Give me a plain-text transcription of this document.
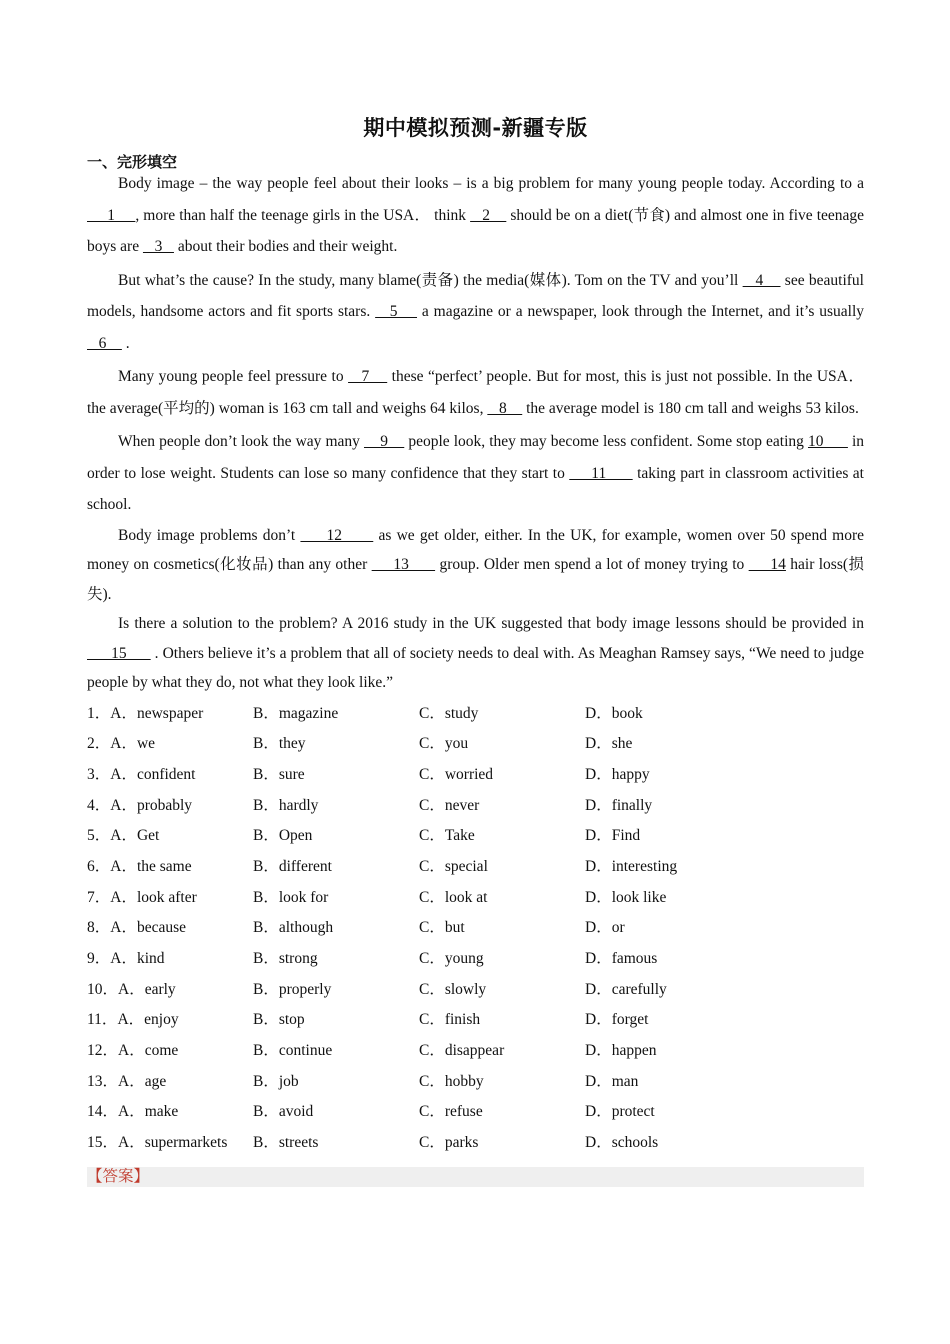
期中模拟预测-新疆专版

一、完形填空

Body image – the way people feel about their looks – is a big problem for many young people today. According to a     1     , more than half the teenage girls in the USA． think    2     should be on a diet(节食) and almost one in five teenage boys are    3    about their bodies and their weight.

But what’s the cause? In the study, many blame(责备) the media(媒体). Tom on the TV and you’ll    4     see beautiful models, handsome actors and fit sports stars.    5     a magazine or a newspaper, look through the Internet, and it’s usually    6     .

Many young people feel pressure to    7     these “perfect’ people. But for most, this is just not possible. In the USA．the average(平均的) woman is 163 cm tall and weighs 64 kilos,    8     the average model is 180 cm tall and weighs 53 kilos.

When people don’t look the way many     9     people look, they may become less confident. Some stop eating 10       in order to lose weight. Students can lose so many confidence that they start to      11       taking part in classroom activities at school.

Body image problems don’t      12       as we get older, either. In the UK, for example, women over 50 spend more money on cosmetics(化妆品) than any other      13       group. Older men spend a lot of money trying to      14 hair loss(损失).

Is there a solution to the problem? A 2016 study in the UK suggested that body image lessons should be provided in       15       . Others believe it’s a problem that all of society needs to deal with. As Meaghan Ramsey says, “We need to judge people by what they do, not what they look like.”

1．A．newspaper	B．magazine	C．study	D．book
2．A．we	B．they	C．you	D．she
3．A．confident	B．sure	C．worried	D．happy
4．A．probably	B．hardly	C．never	D．finally
5．A．Get	B．Open	C．Take	D．Find
6．A．the same	B．different	C．special	D．interesting
7．A．look after	B．look for	C．look at	D．look like
8．A．because	B．although	C．but	D．or
9．A．kind	B．strong	C．young	D．famous
10．A．early	B．properly	C．slowly	D．carefully
11．A．enjoy	B．stop	C．finish	D．forget
12．A．come	B．continue	C．disappear	D．happen
13．A．age	B．job	C．hobby	D．man
14．A．make	B．avoid	C．refuse	D．protect
15．A．supermarkets	B．streets	C．parks	D．schools
【答案】
